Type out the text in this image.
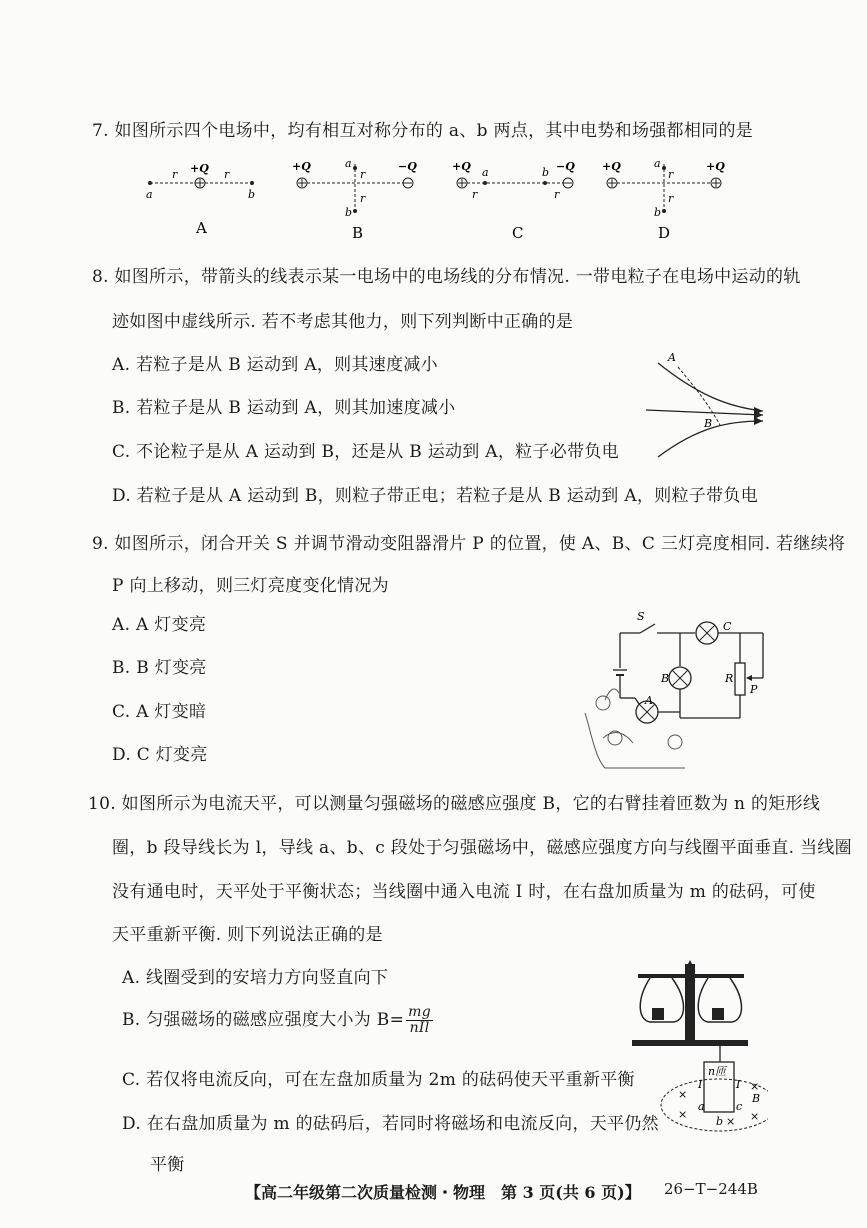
7. 如图所示四个电场中，均有相互对称分布的 a、b 两点，其中电势和场强都相同的是
+Q
r	r
a	b
A
+Q	−Q
a
b
r
r
B
+Q	−Q
a	b
r	r
C
+Q	+Q
a
b
r
r
D
8. 如图所示，带箭头的线表示某一电场中的电场线的分布情况. 一带电粒子在电场中运动的轨
迹如图中虚线所示. 若不考虑其他力，则下列判断中正确的是
A. 若粒子是从 B 运动到 A，则其速度减小
B. 若粒子是从 B 运动到 A，则其加速度减小
C. 不论粒子是从 A 运动到 B，还是从 B 运动到 A，粒子必带负电
D. 若粒子是从 A 运动到 B，则粒子带正电；若粒子是从 B 运动到 A，则粒子带负电
A
B
9. 如图所示，闭合开关 S 并调节滑动变阻器滑片 P 的位置，使 A、B、C 三灯亮度相同. 若继续将
P 向上移动，则三灯亮度变化情况为
A. A 灯变亮
B. B 灯变亮
C. A 灯变暗
D. C 灯变亮
S
A
B
C
R
P
10. 如图所示为电流天平，可以测量匀强磁场的磁感应强度 B，它的右臂挂着匝数为 n 的矩形线
圈，b 段导线长为 l，导线 a、b、c 段处于匀强磁场中，磁感应强度方向与线圈平面垂直. 当线圈
没有通电时，天平处于平衡状态；当线圈中通入电流 I 时，在右盘加质量为 m 的砝码，可使
天平重新平衡. 则下列说法正确的是
A. 线圈受到的安培力方向竖直向下
B. 匀强磁场的磁感应强度大小为 $B= \frac{mg}{\text{nIl}}$
C. 若仅将电流反向，可在左盘加质量为 2m 的砝码使天平重新平衡
D. 在右盘加质量为 m 的砝码后，若同时将磁场和电流反向，天平仍然
平衡
n匝
I	I
a
b
c
B
×
×
×
×
×
【高二年级第二次质量检测・物理　第 3 页(共 6 页)】 26−T−244B
